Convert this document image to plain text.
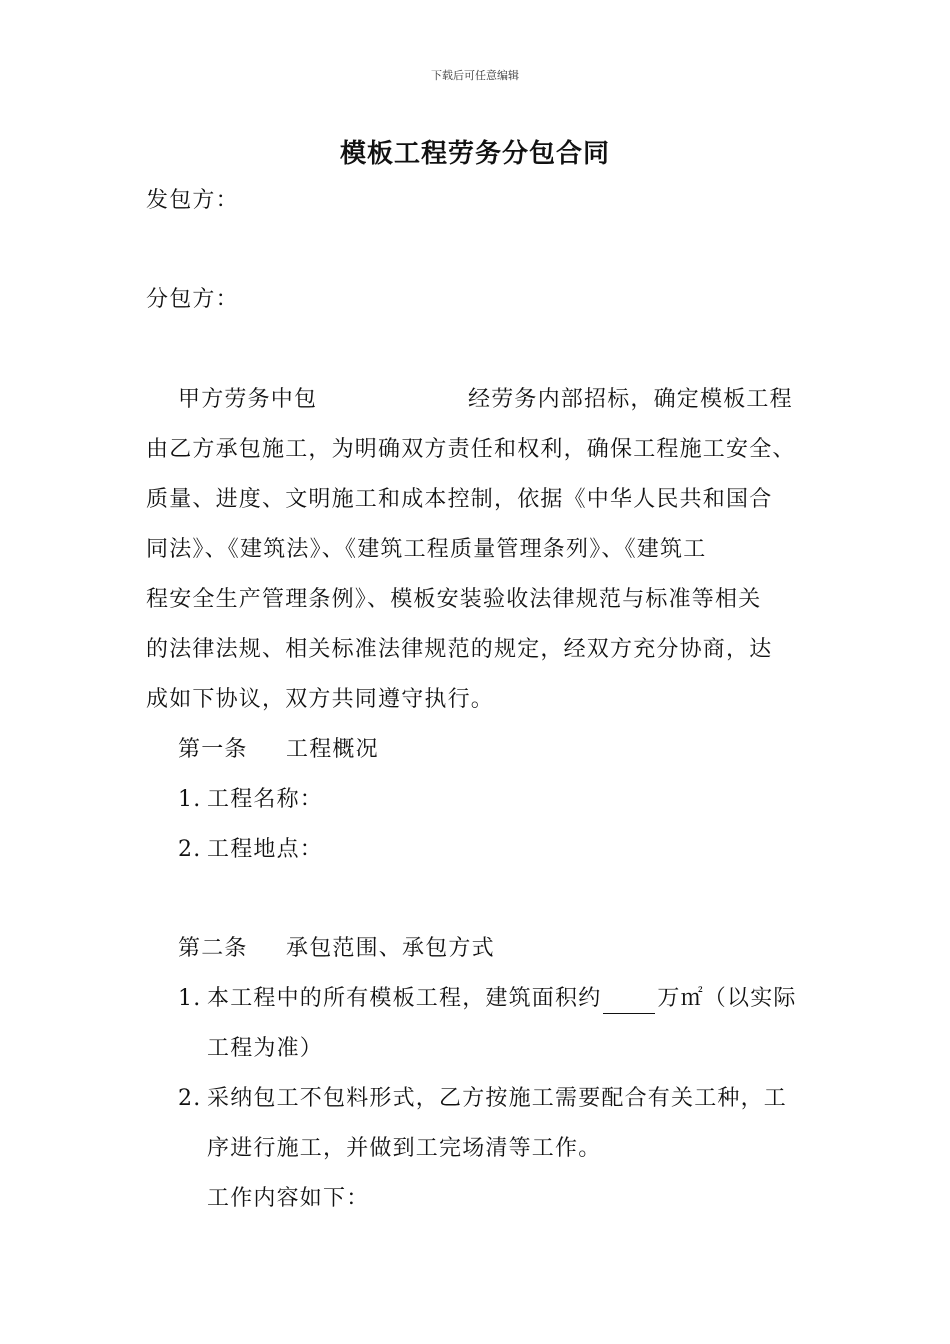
下载后可任意编辑
模板工程劳务分包合同
发包方：
分包方：
甲方劳务中包	经劳务内部招标，确定模板工程
由乙方承包施工，为明确双方责任和权利，确保工程施工安全、
质量、进度、文明施工和成本控制，依据《中华人民共和国合
同法》、《建筑法》、《建筑工程质量管理条列》、《建筑工
程安全生产管理条例》、模板安装验收法律规范与标准等相关
的法律法规、相关标准法律规范的规定，经双方充分协商，达
成如下协议，双方共同遵守执行。
第一条 工程概况
1. 工程名称：
2. 工程地点：
第二条 承包范围、承包方式
1. 本工程中的所有模板工程，建筑面积约	万㎡（以实际
工程为准）
2. 采纳包工不包料形式，乙方按施工需要配合有关工种，工
序进行施工，并做到工完场清等工作。
工作内容如下：
